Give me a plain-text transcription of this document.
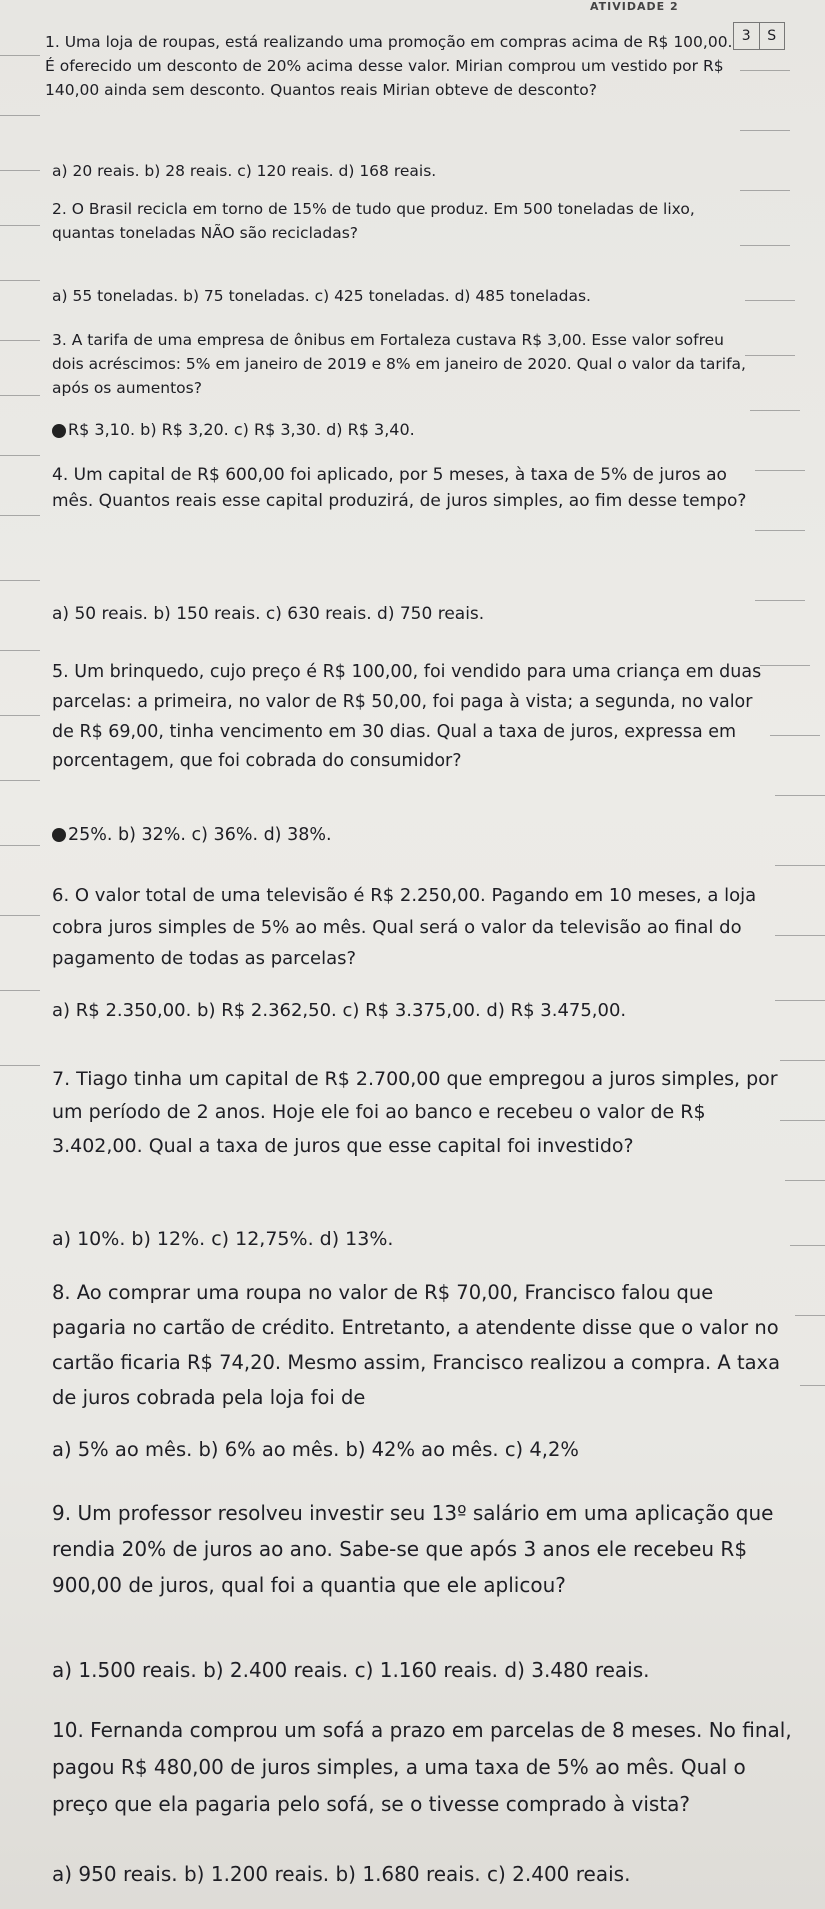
ATIVIDADE 2
3	S

1. Uma loja de roupas, está realizando uma promoção em compras acima de R$ 100,00. É oferecido um desconto de 20% acima desse valor. Mirian comprou um vestido por R$ 140,00 ainda sem desconto. Quantos reais Mirian obteve de desconto?

a) 20 reais. b) 28 reais. c) 120 reais. d) 168 reais.

2. O Brasil recicla em torno de 15% de tudo que produz. Em 500 toneladas de lixo, quantas toneladas NÃO são recicladas?

a) 55 toneladas. b) 75 toneladas. c) 425 toneladas. d) 485 toneladas.

3. A tarifa de uma empresa de ônibus em Fortaleza custava R$ 3,00. Esse valor sofreu dois acréscimos: 5% em janeiro de 2019 e 8% em janeiro de 2020. Qual o valor da tarifa, após os aumentos?

R$ 3,10. b) R$ 3,20. c) R$ 3,30. d) R$ 3,40.

4. Um capital de R$ 600,00 foi aplicado, por 5 meses, à taxa de 5% de juros ao mês. Quantos reais esse capital produzirá, de juros simples, ao fim desse tempo?

a) 50 reais. b) 150 reais. c) 630 reais. d) 750 reais.

5. Um brinquedo, cujo preço é R$ 100,00, foi vendido para uma criança em duas parcelas: a primeira, no valor de R$ 50,00, foi paga à vista; a segunda, no valor de R$ 69,00, tinha vencimento em 30 dias. Qual a taxa de juros, expressa em porcentagem, que foi cobrada do consumidor?

25%. b) 32%. c) 36%. d) 38%.

6. O valor total de uma televisão é R$ 2.250,00. Pagando em 10 meses, a loja cobra juros simples de 5% ao mês. Qual será o valor da televisão ao final do pagamento de todas as parcelas?

a) R$ 2.350,00. b) R$ 2.362,50. c) R$ 3.375,00. d) R$ 3.475,00.

7. Tiago tinha um capital de R$ 2.700,00 que empregou a juros simples, por um período de 2 anos. Hoje ele foi ao banco e recebeu o valor de R$ 3.402,00. Qual a taxa de juros que esse capital foi investido?

a) 10%. b) 12%. c) 12,75%. d) 13%.

8. Ao comprar uma roupa no valor de R$ 70,00, Francisco falou que pagaria no cartão de crédito. Entretanto, a atendente disse que o valor no cartão ficaria R$ 74,20. Mesmo assim, Francisco realizou a compra. A taxa de juros cobrada pela loja foi de

a) 5% ao mês. b) 6% ao mês. b) 42% ao mês. c) 4,2%

9. Um professor resolveu investir seu 13º salário em uma aplicação que rendia 20% de juros ao ano. Sabe-se que após 3 anos ele recebeu R$ 900,00 de juros, qual foi a quantia que ele aplicou?

a) 1.500 reais. b) 2.400 reais. c) 1.160 reais. d) 3.480 reais.

10. Fernanda comprou um sofá a prazo em parcelas de 8 meses. No final, pagou R$ 480,00 de juros simples, a uma taxa de 5% ao mês. Qual o preço que ela pagaria pelo sofá, se o tivesse comprado à vista?

a) 950 reais. b) 1.200 reais. b) 1.680 reais. c) 2.400 reais.
